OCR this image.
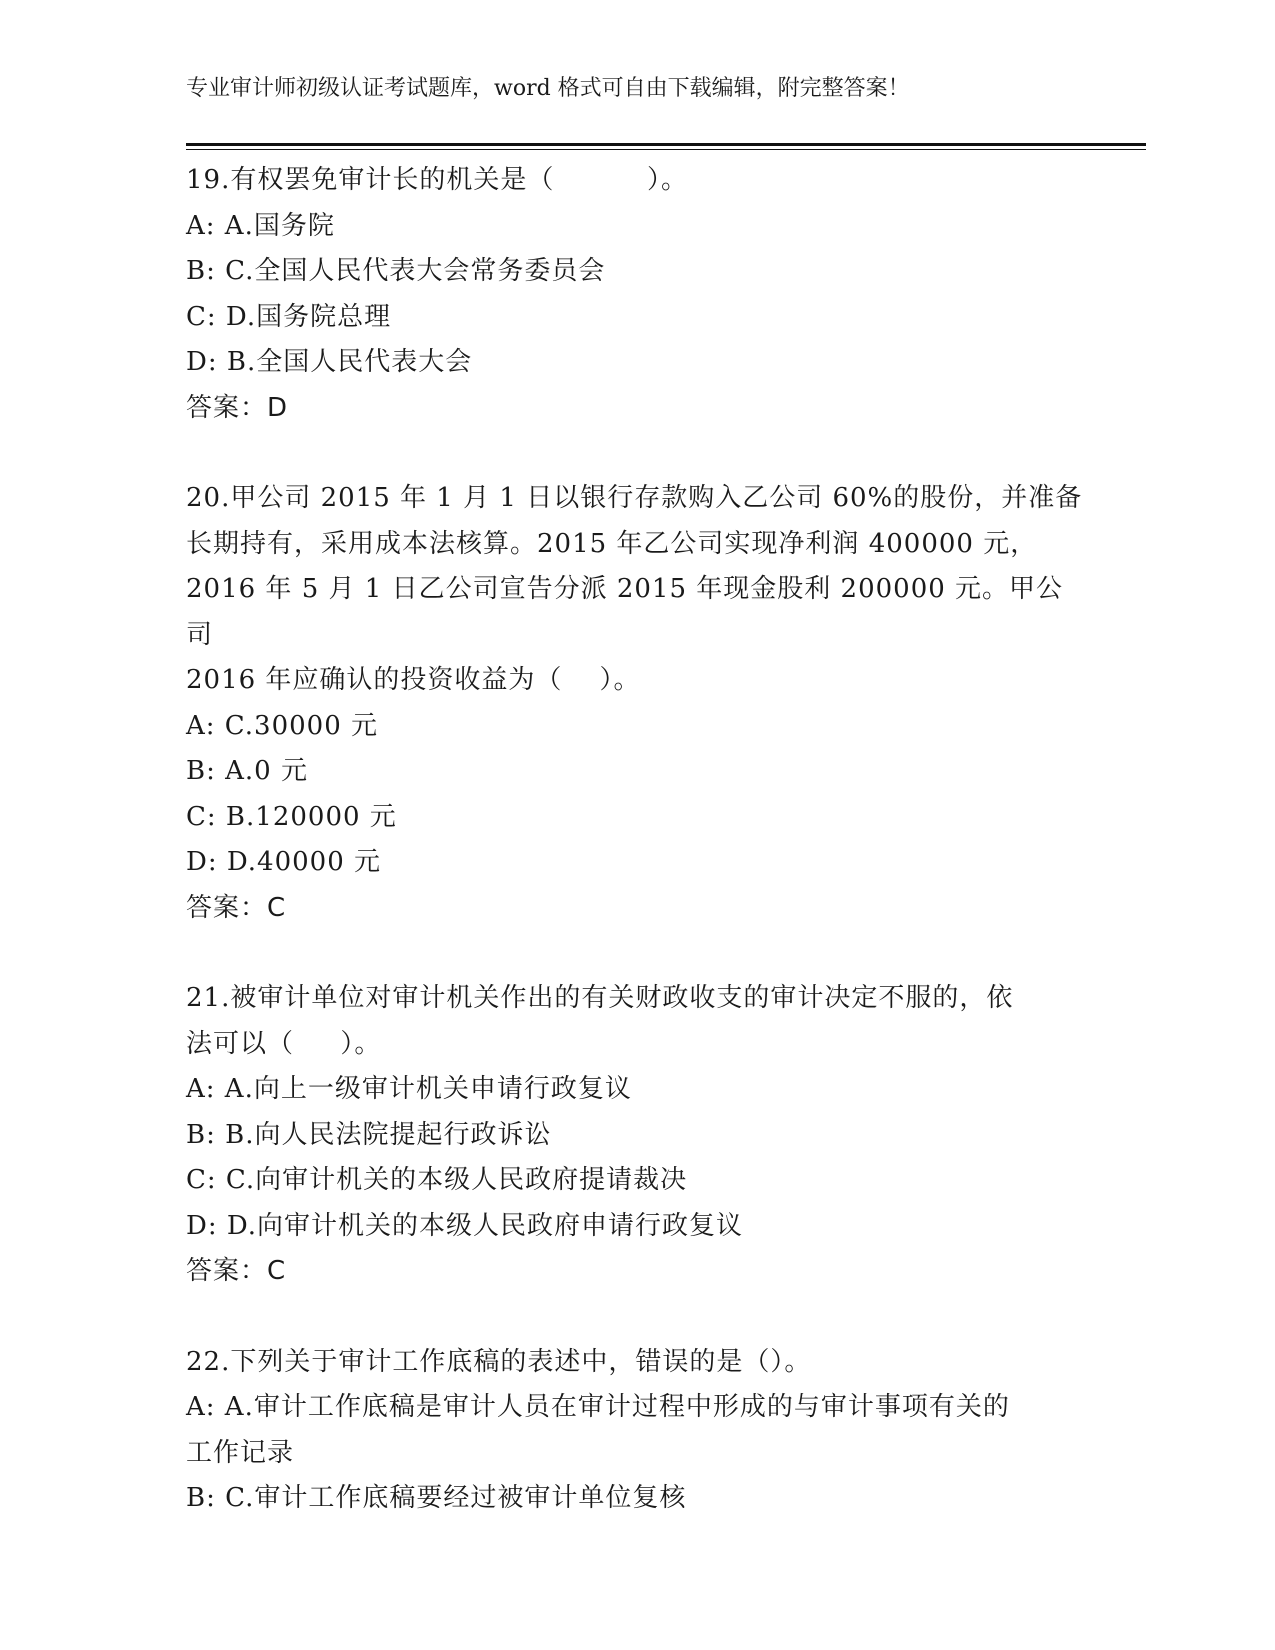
专业审计师初级认证考试题库，word 格式可自由下载编辑，附完整答案！
19.有权罢免审计长的机关是（          ）。
A: A.国务院
B: C.全国人民代表大会常务委员会
C: D.国务院总理
D: B.全国人民代表大会
答案：D
20.甲公司 2015 年 1 月 1 日以银行存款购入乙公司 60%的股份，并准备
长期持有，采用成本法核算。2015 年乙公司实现净利润 400000 元，
2016 年 5 月 1 日乙公司宣告分派 2015 年现金股利 200000 元。甲公司
2016 年应确认的投资收益为（    ）。
A: C.30000 元
B: A.0 元
C: B.120000 元
D: D.40000 元
答案：C
21.被审计单位对审计机关作出的有关财政收支的审计决定不服的，依
法可以（     ）。
A: A.向上一级审计机关申请行政复议
B: B.向人民法院提起行政诉讼
C: C.向审计机关的本级人民政府提请裁决
D: D.向审计机关的本级人民政府申请行政复议
答案：C
22.下列关于审计工作底稿的表述中，错误的是（）。
A: A.审计工作底稿是审计人员在审计过程中形成的与审计事项有关的
工作记录
B: C.审计工作底稿要经过被审计单位复核
